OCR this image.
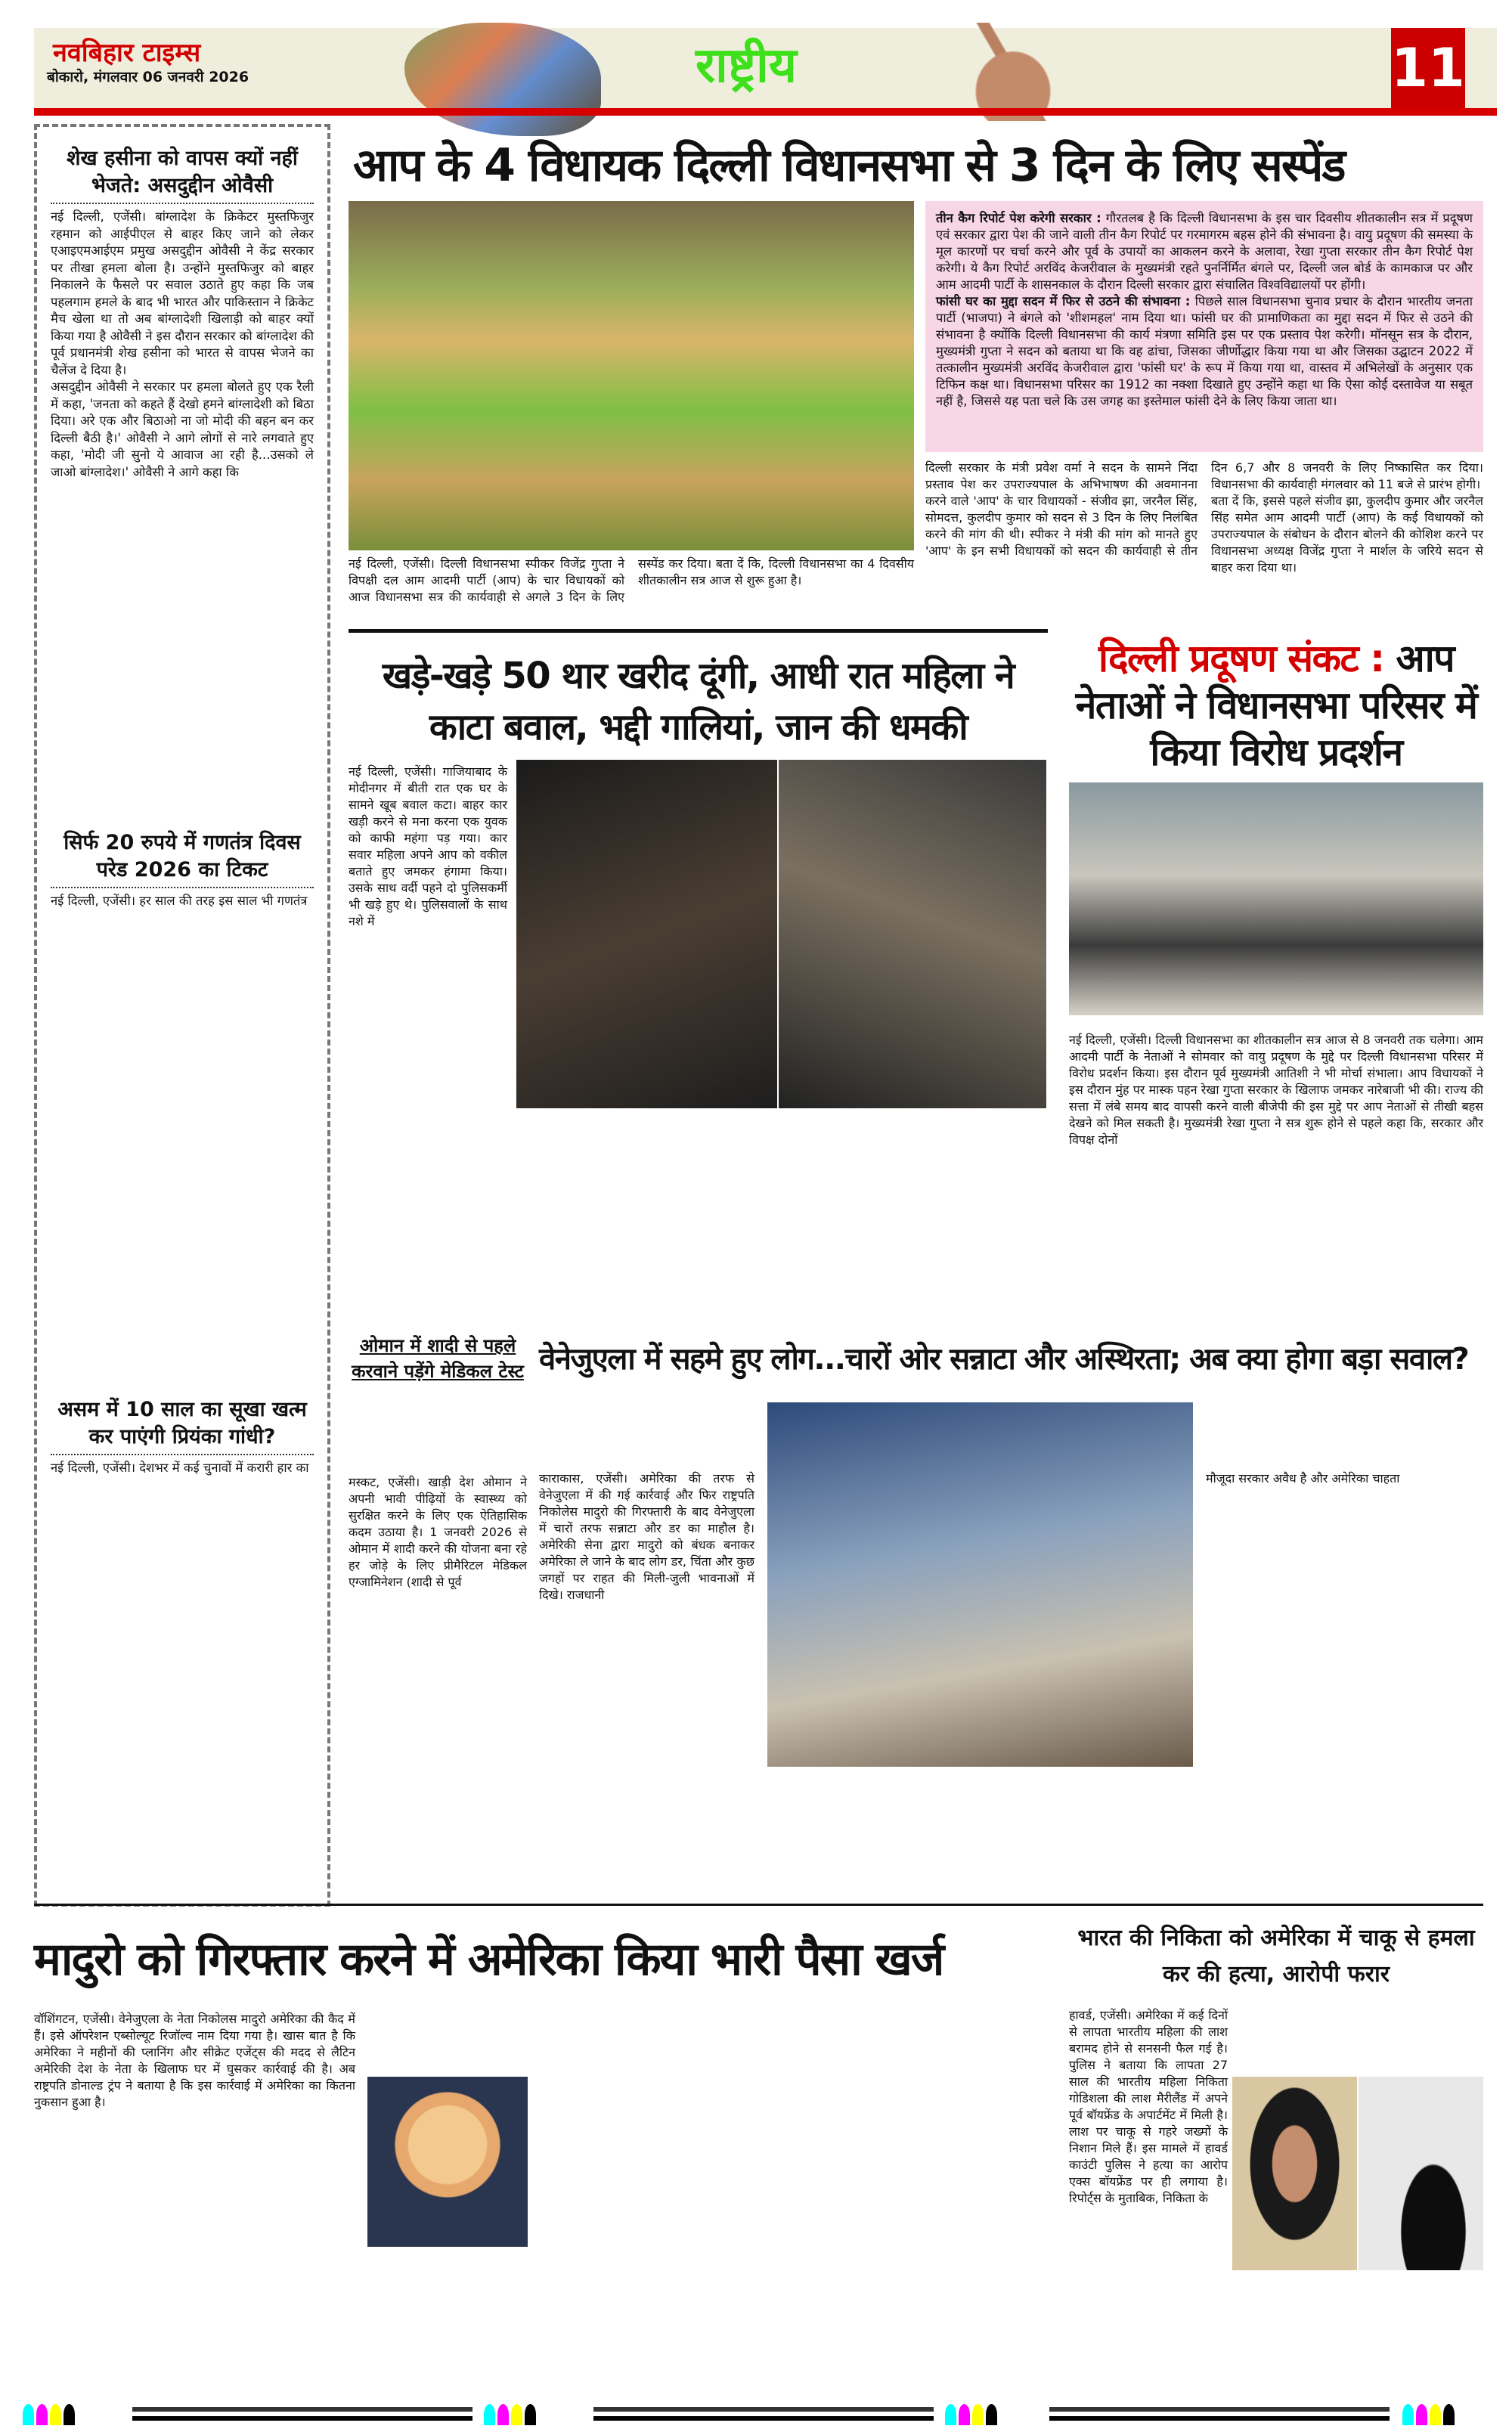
नवबिहार टाइम्स
बोकारो, मंगलवार 06 जनवरी 2026	राष्ट्रीय	11
शेख हसीना को वापस क्यों नहीं भेजते: असदुद्दीन ओवैसी

नई दिल्ली, एजेंसी। बांग्लादेश के क्रिकेटर मुस्तफिजुर रहमान को आईपीएल से बाहर किए जाने को लेकर एआइएमआईएम प्रमुख असदुद्दीन ओवैसी ने केंद्र सरकार पर तीखा हमला बोला है। उन्होंने मुस्तफिजुर को बाहर निकालने के फैसले पर सवाल उठाते हुए कहा कि जब पहलगाम हमले के बाद भी भारत और पाकिस्तान ने क्रिकेट मैच खेला था तो अब बांग्लादेशी खिलाड़ी को बाहर क्यों किया गया है ओवैसी ने इस दौरान सरकार को बांग्लादेश की पूर्व प्रधानमंत्री शेख हसीना को भारत से वापस भेजने का चैलेंज दे दिया है।

असदुद्दीन ओवैसी ने सरकार पर हमला बोलते हुए एक रैली में कहा, 'जनता को कहते हैं देखो हमने बांग्लादेशी को बिठा दिया। अरे एक और बिठाओ ना जो मोदी की बहन बन कर दिल्ली बैठी है।' ओवैसी ने आगे लोगों से नारे लगवाते हुए कहा, 'मोदी जी सुनो ये आवाज आ रही है...उसको ले जाओ बांग्लादेश।' ओवैसी ने आगे कहा कि

सिर्फ 20 रुपये में गणतंत्र दिवस परेड 2026 का टिकट

नई दिल्ली, एजेंसी। हर साल की तरह इस साल भी गणतंत्र

असम में 10 साल का सूखा खत्म कर पाएंगी प्रियंका गांधी?

नई दिल्ली, एजेंसी। देशभर में कई चुनावों में करारी हार का

आप के 4 विधायक दिल्ली विधानसभा से 3 दिन के लिए सस्पेंड

तीन कैग रिपोर्ट पेश करेगी सरकार : गौरतलब है कि दिल्ली विधानसभा के इस चार दिवसीय शीतकालीन सत्र में प्रदूषण एवं सरकार द्वारा पेश की जाने वाली तीन कैग रिपोर्ट पर गरमागरम बहस होने की संभावना है। वायु प्रदूषण की समस्या के मूल कारणों पर चर्चा करने और पूर्व के उपायों का आकलन करने के अलावा, रेखा गुप्ता सरकार तीन कैग रिपोर्ट पेश करेगी। ये कैग रिपोर्ट अरविंद केजरीवाल के मुख्यमंत्री रहते पुनर्निर्मित बंगले पर, दिल्ली जल बोर्ड के कामकाज पर और आम आदमी पार्टी के शासनकाल के दौरान दिल्ली सरकार द्वारा संचालित विश्वविद्यालयों पर होंगी।

फांसी घर का मुद्दा सदन में फिर से उठने की संभावना : पिछले साल विधानसभा चुनाव प्रचार के दौरान भारतीय जनता पार्टी (भाजपा) ने बंगले को 'शीशमहल' नाम दिया था। फांसी घर की प्रामाणिकता का मुद्दा सदन में फिर से उठने की संभावना है क्योंकि दिल्ली विधानसभा की कार्य मंत्रणा समिति इस पर एक प्रस्ताव पेश करेगी। मॉनसून सत्र के दौरान, मुख्यमंत्री गुप्ता ने सदन को बताया था कि वह ढांचा, जिसका जीर्णोद्धार किया गया था और जिसका उद्घाटन 2022 में तत्कालीन मुख्यमंत्री अरविंद केजरीवाल द्वारा 'फांसी घर' के रूप में किया गया था, वास्तव में अभिलेखों के अनुसार एक टिफिन कक्ष था। विधानसभा परिसर का 1912 का नक्शा दिखाते हुए उन्होंने कहा था कि ऐसा कोई दस्तावेज या सबूत नहीं है, जिससे यह पता चले कि उस जगह का इस्तेमाल फांसी देने के लिए किया जाता था।

नई दिल्ली, एजेंसी। दिल्ली विधानसभा स्पीकर विजेंद्र गुप्ता ने विपक्षी दल आम आदमी पार्टी (आप) के चार विधायकों को आज विधानसभा सत्र की कार्यवाही से अगले 3 दिन के लिए सस्पेंड कर दिया। बता दें कि, दिल्ली विधानसभा का 4 दिवसीय शीतकालीन सत्र आज से शुरू हुआ है।

दिल्ली सरकार के मंत्री प्रवेश वर्मा ने सदन के सामने निंदा प्रस्ताव पेश कर उपराज्यपाल के अभिभाषण की अवमानना करने वाले 'आप' के चार विधायकों - संजीव झा, जरनैल सिंह, सोमदत्त, कुलदीप कुमार को सदन से 3 दिन के लिए निलंबित करने की मांग की थी। स्पीकर ने मंत्री की मांग को मानते हुए 'आप' के इन सभी विधायकों को सदन की कार्यवाही से तीन दिन 6,7 और 8 जनवरी के लिए निष्कासित कर दिया। विधानसभा की कार्यवाही मंगलवार को 11 बजे से प्रारंभ होगी।

बता दें कि, इससे पहले संजीव झा, कुलदीप कुमार और जरनैल सिंह समेत आम आदमी पार्टी (आप) के कई विधायकों को उपराज्यपाल के संबोधन के दौरान बोलने की कोशिश करने पर विधानसभा अध्यक्ष विजेंद्र गुप्ता ने मार्शल के जरिये सदन से बाहर करा दिया था।

खड़े-खड़े 50 थार खरीद दूंगी, आधी रात महिला ने काटा बवाल, भद्दी गालियां, जान की धमकी
नई दिल्ली, एजेंसी। गाजियाबाद के मोदीनगर में बीती रात एक घर के सामने खूब बवाल कटा। बाहर कार खड़ी करने से मना करना एक युवक को काफी महंगा पड़ गया। कार सवार महिला अपने आप को वकील बताते हुए जमकर हंगामा किया। उसके साथ वर्दी पहने दो पुलिसकर्मी भी खड़े हुए थे। पुलिसवालों के साथ नशे में
दिल्ली प्रदूषण संकट : आप नेताओं ने विधानसभा परिसर में किया विरोध प्रदर्शन
नई दिल्ली, एजेंसी। दिल्ली विधानसभा का शीतकालीन सत्र आज से 8 जनवरी तक चलेगा। आम आदमी पार्टी के नेताओं ने सोमवार को वायु प्रदूषण के मुद्दे पर दिल्ली विधानसभा परिसर में विरोध प्रदर्शन किया। इस दौरान पूर्व मुख्यमंत्री आतिशी ने भी मोर्चा संभाला। आप विधायकों ने इस दौरान मुंह पर मास्क पहन रेखा गुप्ता सरकार के खिलाफ जमकर नारेबाजी भी की। राज्य की सत्ता में लंबे समय बाद वापसी करने वाली बीजेपी की इस मुद्दे पर आप नेताओं से तीखी बहस देखने को मिल सकती है। मुख्यमंत्री रेखा गुप्ता ने सत्र शुरू होने से पहले कहा कि, सरकार और विपक्ष दोनों
ओमान में शादी से पहले करवाने पड़ेंगे मेडिकल टेस्ट
मस्कट, एजेंसी। खाड़ी देश ओमान ने अपनी भावी पीढ़ियों के स्वास्थ्य को सुरक्षित करने के लिए एक ऐतिहासिक कदम उठाया है। 1 जनवरी 2026 से ओमान में शादी करने की योजना बना रहे हर जोड़े के लिए प्रीमैरिटल मेडिकल एग्जामिनेशन (शादी से पूर्व
वेनेजुएला में सहमे हुए लोग...चारों ओर सन्नाटा और अस्थिरता; अब क्या होगा बड़ा सवाल?
काराकास, एजेंसी। अमेरिका की तरफ से वेनेजुएला में की गई कार्रवाई और फिर राष्ट्रपति निकोलेस मादुरो की गिरफ्तारी के बाद वेनेजुएला में चारों तरफ सन्नाटा और डर का माहौल है। अमेरिकी सेना द्वारा मादुरो को बंधक बनाकर अमेरिका ले जाने के बाद लोग डर, चिंता और कुछ जगहों पर राहत की मिली-जुली भावनाओं में दिखे। राजधानी
मौजूदा सरकार अवैध है और अमेरिका चाहता
मादुरो को गिरफ्तार करने में अमेरिका किया भारी पैसा खर्ज
वॉशिंगटन, एजेंसी। वेनेजुएला के नेता निकोलस मादुरो अमेरिका की कैद में हैं। इसे ऑपरेशन एब्सोल्यूट रिजॉल्व नाम दिया गया है। खास बात है कि अमेरिका ने महीनों की प्लानिंग और सीक्रेट एजेंट्स की मदद से लैटिन अमेरिकी देश के नेता के खिलाफ घर में घुसकर कार्रवाई की है। अब राष्ट्रपति डोनाल्ड ट्रंप ने बताया है कि इस कार्रवाई में अमेरिका का कितना नुकसान हुआ है।
भारत की निकिता को अमेरिका में चाकू से हमला कर की हत्या, आरोपी फरार
हावर्ड, एजेंसी। अमेरिका में कई दिनों से लापता भारतीय महिला की लाश बरामद होने से सनसनी फैल गई है। पुलिस ने बताया कि लापता 27 साल की भारतीय महिला निकिता गोडिशला की लाश मैरीलैंड में अपने पूर्व बॉयफ्रेंड के अपार्टमेंट में मिली है। लाश पर चाकू से गहरे जख्मों के निशान मिले हैं। इस मामले में हावर्ड काउंटी पुलिस ने हत्या का आरोप एक्स बॉयफ्रेंड पर ही लगाया है। रिपोर्ट्स के मुताबिक, निकिता के
